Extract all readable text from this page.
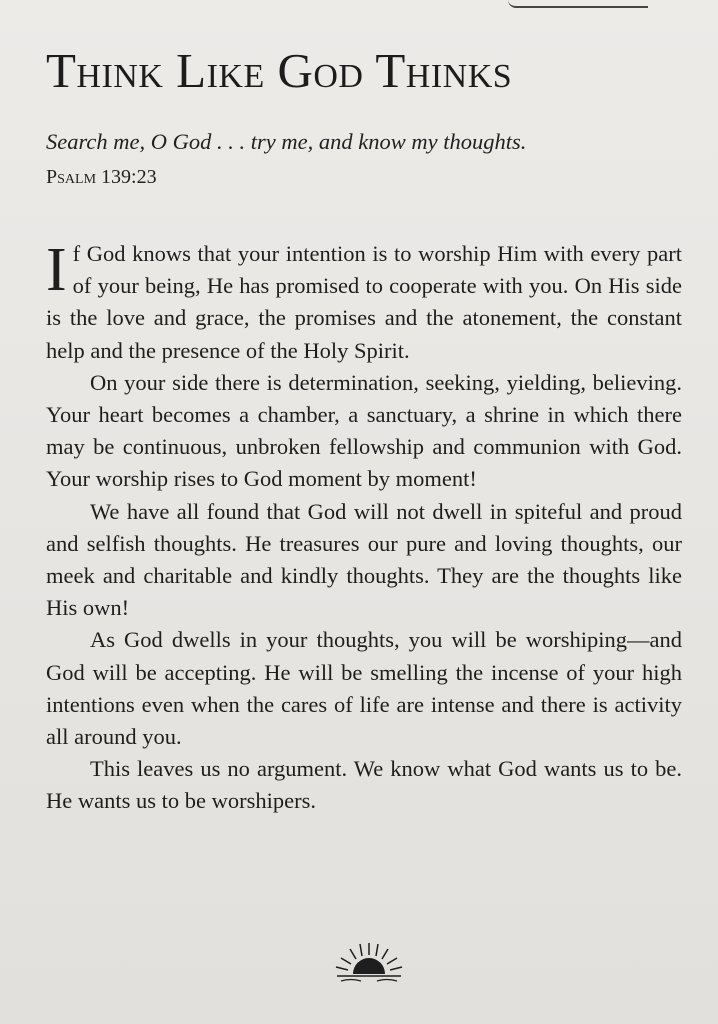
Think Like God Thinks
Search me, O God . . . try me, and know my thoughts.
Psalm 139:23

If God knows that your intention is to worship Him with every part of your being, He has promised to cooperate with you. On His side is the love and grace, the promises and the atonement, the constant help and the presence of the Holy Spirit.

On your side there is determination, seeking, yielding, believing. Your heart becomes a chamber, a sanctuary, a shrine in which there may be continuous, unbroken fellowship and communion with God. Your worship rises to God moment by moment!

We have all found that God will not dwell in spiteful and proud and selfish thoughts. He treasures our pure and loving thoughts, our meek and charitable and kindly thoughts. They are the thoughts like His own!

As God dwells in your thoughts, you will be worshiping—and God will be accepting. He will be smelling the incense of your high intentions even when the cares of life are intense and there is activity all around you.

This leaves us no argument. We know what God wants us to be. He wants us to be worshipers.
